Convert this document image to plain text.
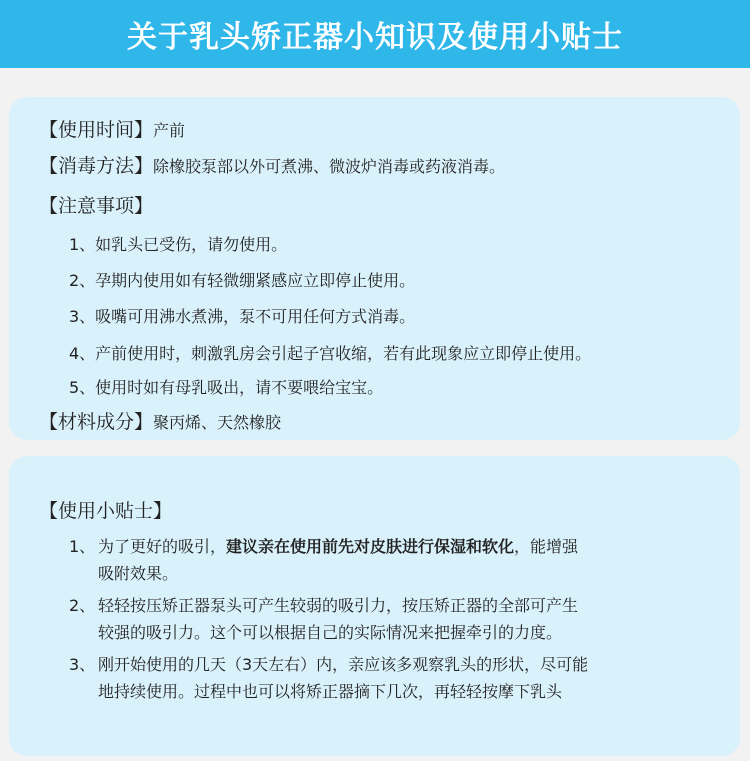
关于乳头矫正器小知识及使用小贴士
【使用时间】产前
【消毒方法】除橡胶泵部以外可煮沸、微波炉消毒或药液消毒。
【注意事项】
1、如乳头已受伤，请勿使用。
2、孕期内使用如有轻微绷紧感应立即停止使用。
3、吸嘴可用沸水煮沸，泵不可用任何方式消毒。
4、产前使用时，刺激乳房会引起子宫收缩，若有此现象应立即停止使用。
5、使用时如有母乳吸出，请不要喂给宝宝。
【材料成分】聚丙烯、天然橡胶
【使用小贴士】
1、 为了更好的吸引，建议亲在使用前先对皮肤进行保湿和软化，能增强
吸附效果。
2、 轻轻按压矫正器泵头可产生较弱的吸引力，按压矫正器的全部可产生
较强的吸引力。这个可以根据自己的实际情况来把握牵引的力度。
3、 刚开始使用的几天（3天左右）内，亲应该多观察乳头的形状，尽可能
地持续使用。过程中也可以将矫正器摘下几次，再轻轻按摩下乳头
